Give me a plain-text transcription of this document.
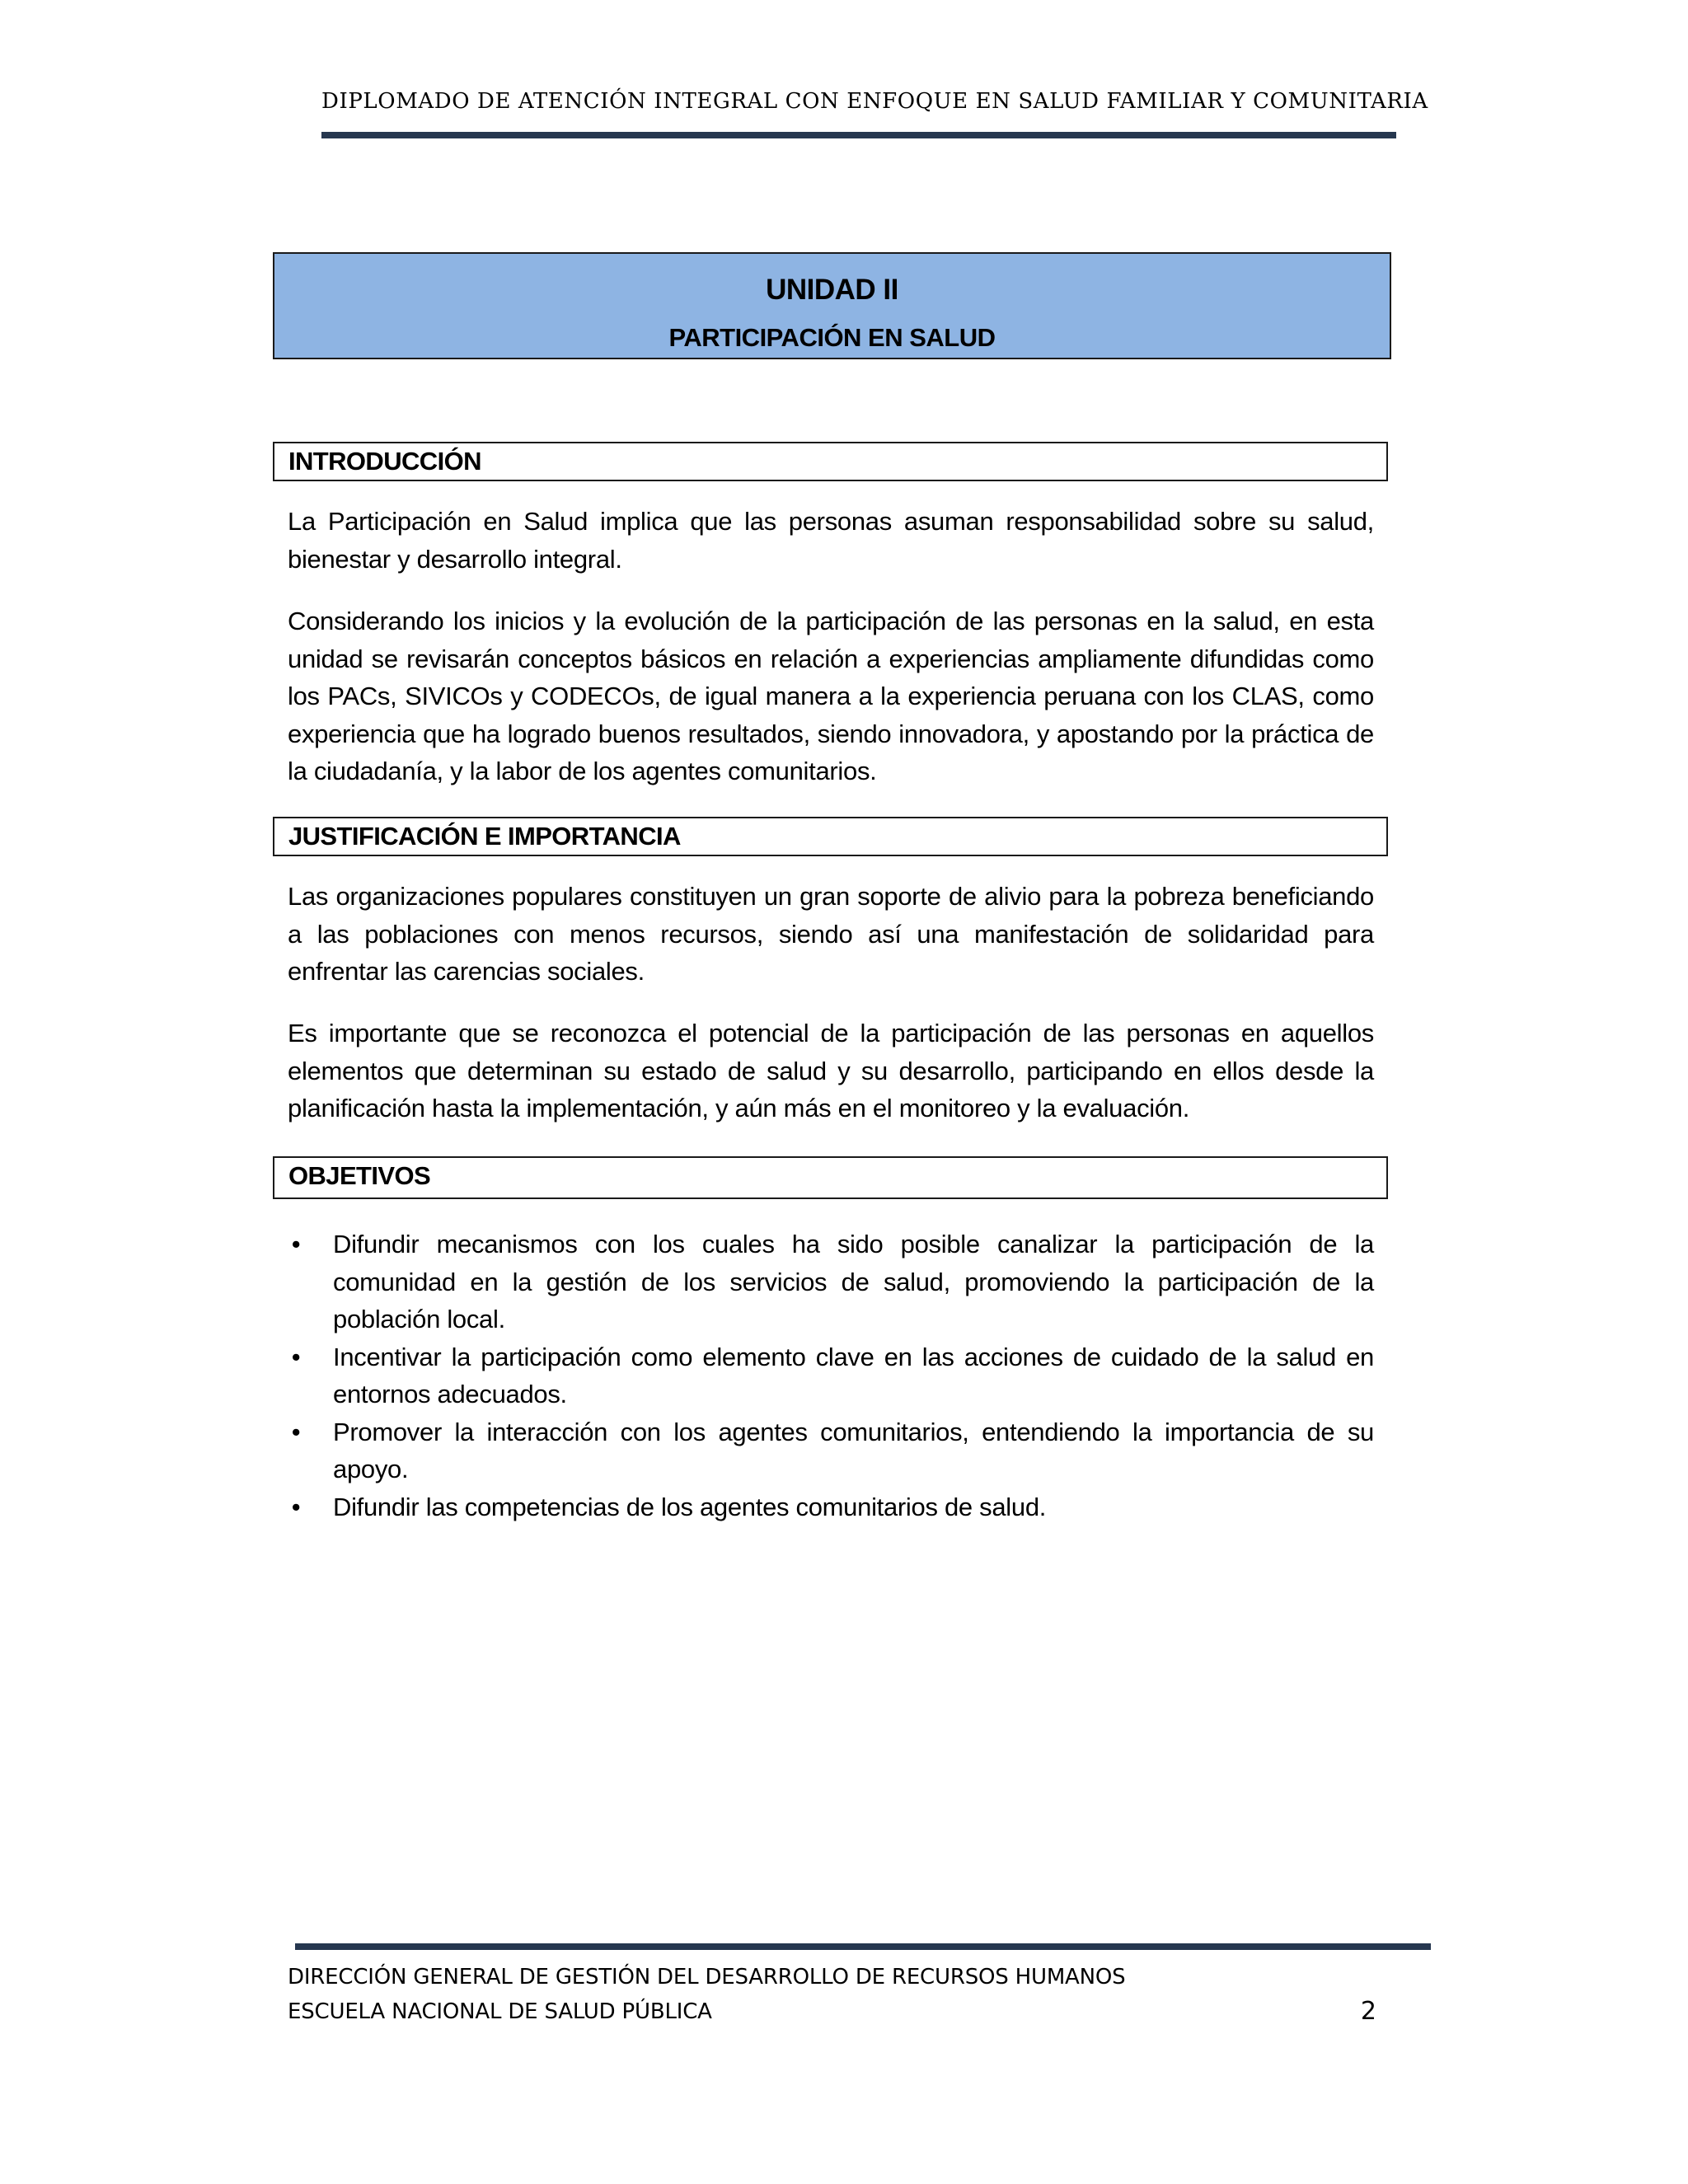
DIPLOMADO DE ATENCIÓN INTEGRAL CON ENFOQUE EN SALUD FAMILIAR Y COMUNITARIA
UNIDAD II
PARTICIPACIÓN EN SALUD
INTRODUCCIÓN
La Participación en Salud implica que las personas asuman responsabilidad sobre su salud, bienestar y desarrollo integral.
Considerando los inicios y la evolución de la participación de las personas en la salud, en esta unidad se revisarán conceptos básicos en relación a experiencias ampliamente difundidas como los PACs, SIVICOs y CODECOs, de igual manera a la experiencia peruana con los CLAS, como experiencia que ha logrado buenos resultados, siendo innovadora, y apostando por la práctica de la ciudadanía, y la labor de los agentes comunitarios.
JUSTIFICACIÓN E IMPORTANCIA
Las organizaciones populares constituyen un gran soporte de alivio para la pobreza beneficiando a las poblaciones con menos recursos, siendo así una manifestación de solidaridad para enfrentar las carencias sociales.
Es importante que se reconozca el potencial de la participación de las personas en aquellos elementos que determinan su estado de salud y su desarrollo, participando en ellos desde la planificación hasta la implementación, y aún más en el monitoreo y la evaluación.
OBJETIVOS
• Difundir mecanismos con los cuales ha sido posible canalizar la participación de la comunidad en la gestión de los servicios de salud, promoviendo la participación de la población local.
• Incentivar la participación como elemento clave en las acciones de cuidado de la salud en entornos adecuados.
• Promover la interacción con los agentes comunitarios, entendiendo la importancia de su apoyo.
• Difundir las competencias de los agentes comunitarios de salud.
DIRECCIÓN GENERAL DE GESTIÓN DEL DESARROLLO DE RECURSOS HUMANOS
ESCUELA NACIONAL DE SALUD PÚBLICA	2
